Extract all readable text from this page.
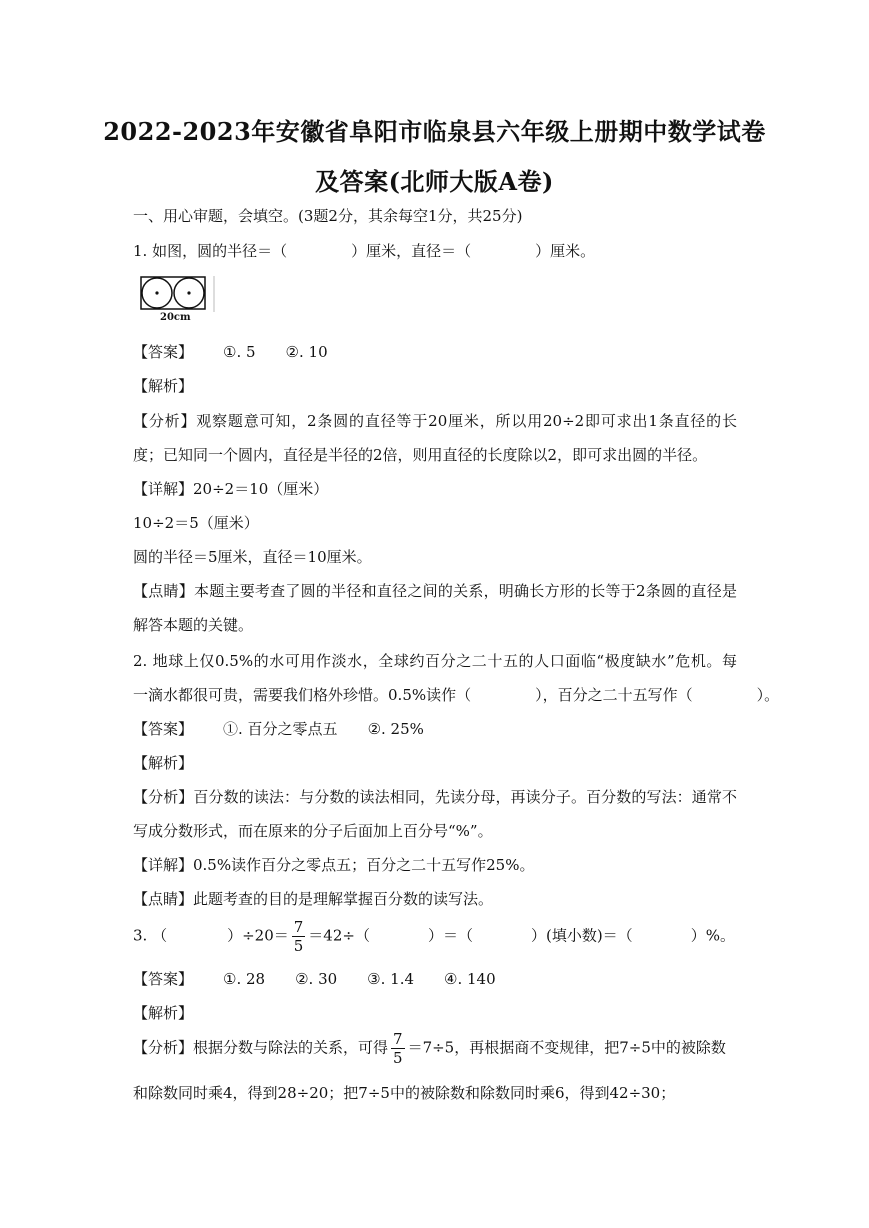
2022-2023年安徽省阜阳市临泉县六年级上册期中数学试卷
及答案(北师大版A卷)
一、用心审题，会填空。(3题2分，其余每空1分，共25分)
1. 如图，圆的半径＝（	）厘米，直径＝（	）厘米。
20cm
【答案】 ①. 5 ②. 10
【解析】
【分析】观察题意可知，2条圆的直径等于20厘米，所以用20÷2即可求出1条直径的长
度；已知同一个圆内，直径是半径的2倍，则用直径的长度除以2，即可求出圆的半径。
【详解】20÷2＝10（厘米）
10÷2＝5（厘米）
圆的半径＝5厘米，直径＝10厘米。
【点睛】本题主要考查了圆的半径和直径之间的关系，明确长方形的长等于2条圆的直径是
解答本题的关键。
2. 地球上仅0.5%的水可用作淡水，全球约百分之二十五的人口面临“极度缺水”危机。每
一滴水都很可贵，需要我们格外珍惜。0.5%读作（	），百分之二十五写作（	）。
【答案】 ①. 百分之零点五 ②. 25%
【解析】
【分析】百分数的读法：与分数的读法相同，先读分母，再读分子。百分数的写法：通常不
写成分数形式，而在原来的分子后面加上百分号“%”。
【详解】0.5%读作百分之零点五；百分之二十五写作25%。
【点睛】此题考查的目的是理解掌握百分数的读写法。
3. （	）$\div 20= \frac{7}{5} =42\div$（	）＝（	）(填小数)＝（	）%。
【答案】 ①. 28 ②. 30 ③. 1.4 ④. 140
【解析】
【分析】根据分数与除法的关系，可得 $\frac{7}{5} =7\div 5$，再根据商不变规律，把7÷5中的被除数
和除数同时乘4，得到28÷20；把7÷5中的被除数和除数同时乘6，得到42÷30；
